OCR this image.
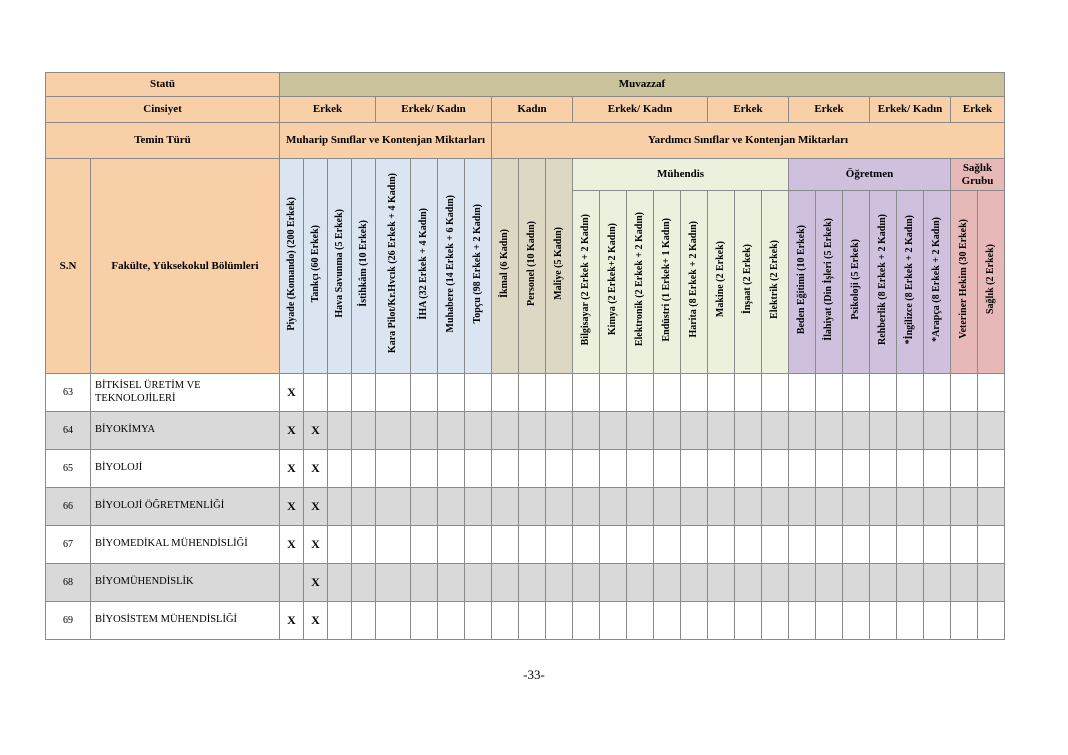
Statü		Muvazzaf																										
Cinsiyet		Erkek				Erkek/ Kadın				Kadın			Erkek/ Kadın					Erkek			Erkek			Erkek/ Kadın			Erkek	
Temin Türü		Muharip Sınıflar ve Kontenjan Miktarları								Yardımcı Sınıflar ve Kontenjan Miktarları																		
S.N	Fakülte, Yüksekokul Bölümleri	Piyade (Komando) (200 Erkek)	Tankçı (60 Erkek)	Hava Savunma (5 Erkek)	İstihkâm (10 Erkek)	Kara Pilot/Kr.Hvcık (26 Erkek + 4 Kadın)	İHA (32 Erkek + 4 Kadın)	Muhabere (14 Erkek + 6 Kadın)	Topçu (98 Erkek + 2 Kadın)	İkmal (6 Kadın)	Personel (10 Kadın)	Maliye (5 Kadın)	Mühendis								Öğretmen						Sağlık Grubu	
													Bilgisayar (2 Erkek + 2 Kadın)	Kimya (2 Erkek+2 Kadın)	Elektronik (2 Erkek + 2 Kadın)	Endüstri (1 Erkek+ 1 Kadın)	Harita (8 Erkek + 2 Kadın)	Makine (2 Erkek)	İnşaat (2 Erkek)	Elektrik (2 Erkek)	Beden Eğitimi (10 Erkek)	İlahiyat (Din İşleri (5 Erkek)	Psikoloji (5 Erkek)	Rehberlik (8 Erkek + 2 Kadın)	*İngilizce (8 Erkek + 2 Kadın)	*Arapça (8 Erkek + 2 Kadın)	Veteriner Hekim (30 Erkek)	Sağlık (2 Erkek)
63	BİTKİSEL ÜRETİM VE TEKNOLOJİLERİ	X																										
64	BİYOKİMYA	X	X																									
65	BİYOLOJİ	X	X																									
66	BİYOLOJİ ÖĞRETMENLİĞİ	X	X																									
67	BİYOMEDİKAL MÜHENDİSLİĞİ	X	X																									
68	BİYOMÜHENDİSLİK		X																									
69	BİYOSİSTEM MÜHENDİSLİĞİ	X	X																									
-33-
